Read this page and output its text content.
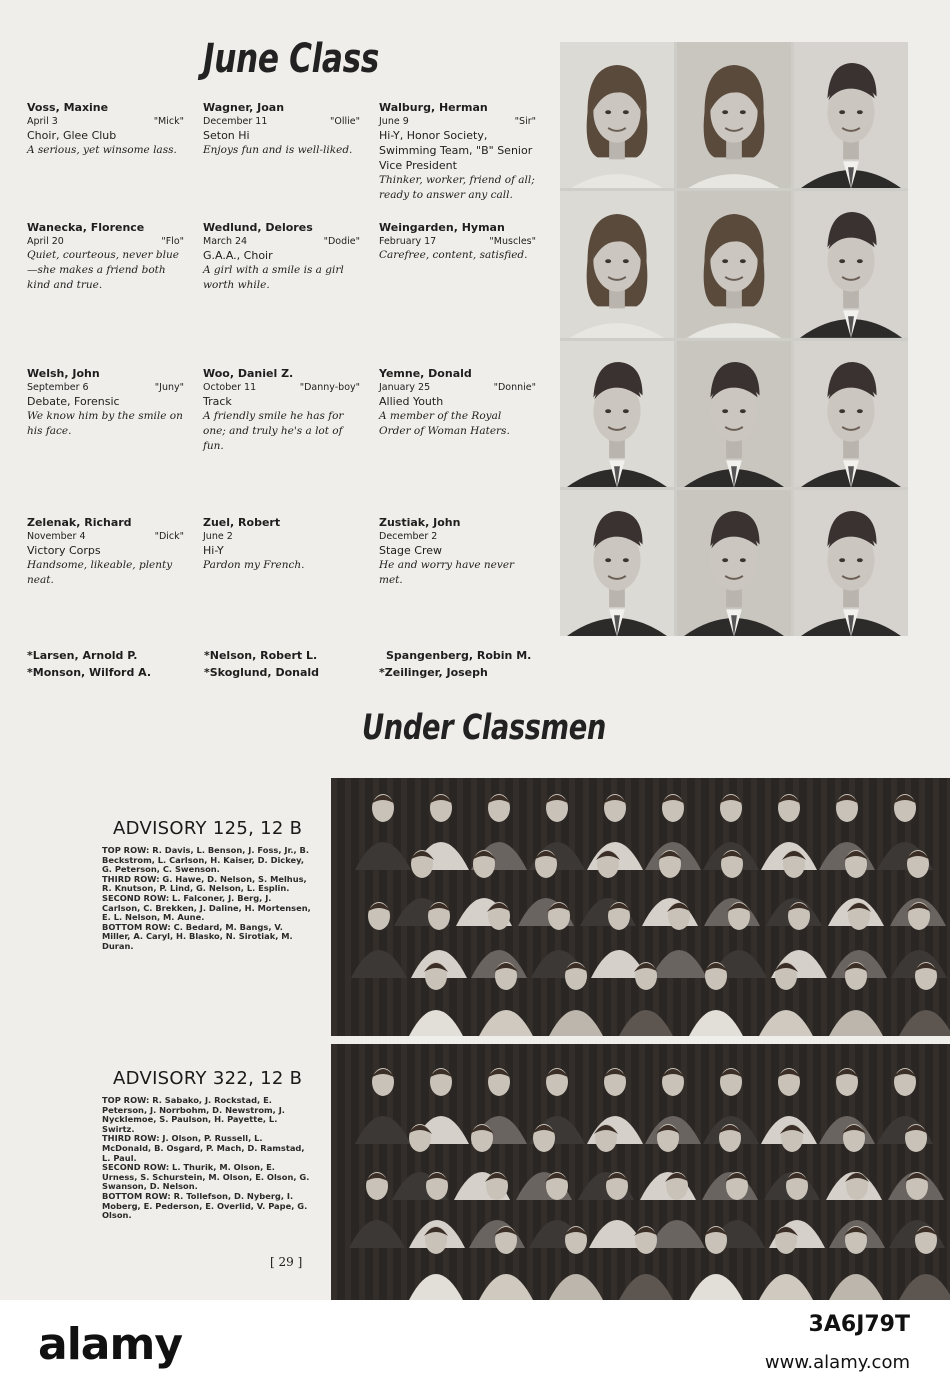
June Class
Voss, Maxine
April 3	"Mick"
Choir, Glee Club
A serious, yet winsome lass.
Wagner, Joan
December 11	"Ollie"
Seton Hi
Enjoys fun and is well-liked.
Walburg, Herman
June 9	"Sir"
Hi-Y, Honor Society, Swimming Team, "B" Senior Vice President
Thinker, worker, friend of all; ready to answer any call.
Wanecka, Florence
April 20	"Flo"
Quiet, courteous, never blue —she makes a friend both kind and true.
Wedlund, Delores
March 24	"Dodie"
G.A.A., Choir
A girl with a smile is a girl worth while.
Weingarden, Hyman
February 17	"Muscles"
Carefree, content, satisfied.
Welsh, John
September 6	"Juny"
Debate, Forensic
We know him by the smile on his face.
Woo, Daniel Z.
October 11	"Danny-boy"
Track
A friendly smile he has for one; and truly he's a lot of fun.
Yemne, Donald
January 25	"Donnie"
Allied Youth
A member of the Royal Order of Woman Haters.
Zelenak, Richard
November 4	"Dick"
Victory Corps
Handsome, likeable, plenty neat.
Zuel, Robert
June 2
Hi-Y
Pardon my French.
Zustiak, John
December 2
Stage Crew
He and worry have never met.
*Larsen, Arnold P.
*Monson, Wilford A.
*Nelson, Robert L.
*Skoglund, Donald
Spangenberg, Robin M.
*Zeilinger, Joseph
Under Classmen
ADVISORY 125, 12 B

TOP ROW: R. Davis, L. Benson, J. Foss, Jr., B. Beckstrom, L. Carlson, H. Kaiser, D. Dickey, G. Peterson, C. Swenson.

THIRD ROW: G. Hawe, D. Nelson, S. Melhus, R. Knutson, P. Lind, G. Nelson, L. Esplin.

SECOND ROW: L. Falconer, J. Berg, J. Carlson, C. Brekken, J. Daline, H. Mortensen, E. L. Nelson, M. Aune.

BOTTOM ROW: C. Bedard, M. Bangs, V. Miller, A. Caryl, H. Blasko, N. Sirotiak, M. Duran.

ADVISORY 322, 12 B

TOP ROW: R. Sabako, J. Rockstad, E. Peterson, J. Norrbohm, D. Newstrom, J. Nycklemoe, S. Paulson, H. Payette, L. Swirtz.

THIRD ROW: J. Olson, P. Russell, L. McDonald, B. Osgard, P. Mach, D. Ramstad, L. Paul.

SECOND ROW: L. Thurik, M. Olson, E. Urness, S. Schurstein, M. Olson, E. Olson, G. Swanson, D. Nelson.

BOTTOM ROW: R. Tollefson, D. Nyberg, I. Moberg, E. Pederson, E. Overlid, V. Pape, G. Olson.

[ 29 ]
alamy	3A6J79T
www.alamy.com
